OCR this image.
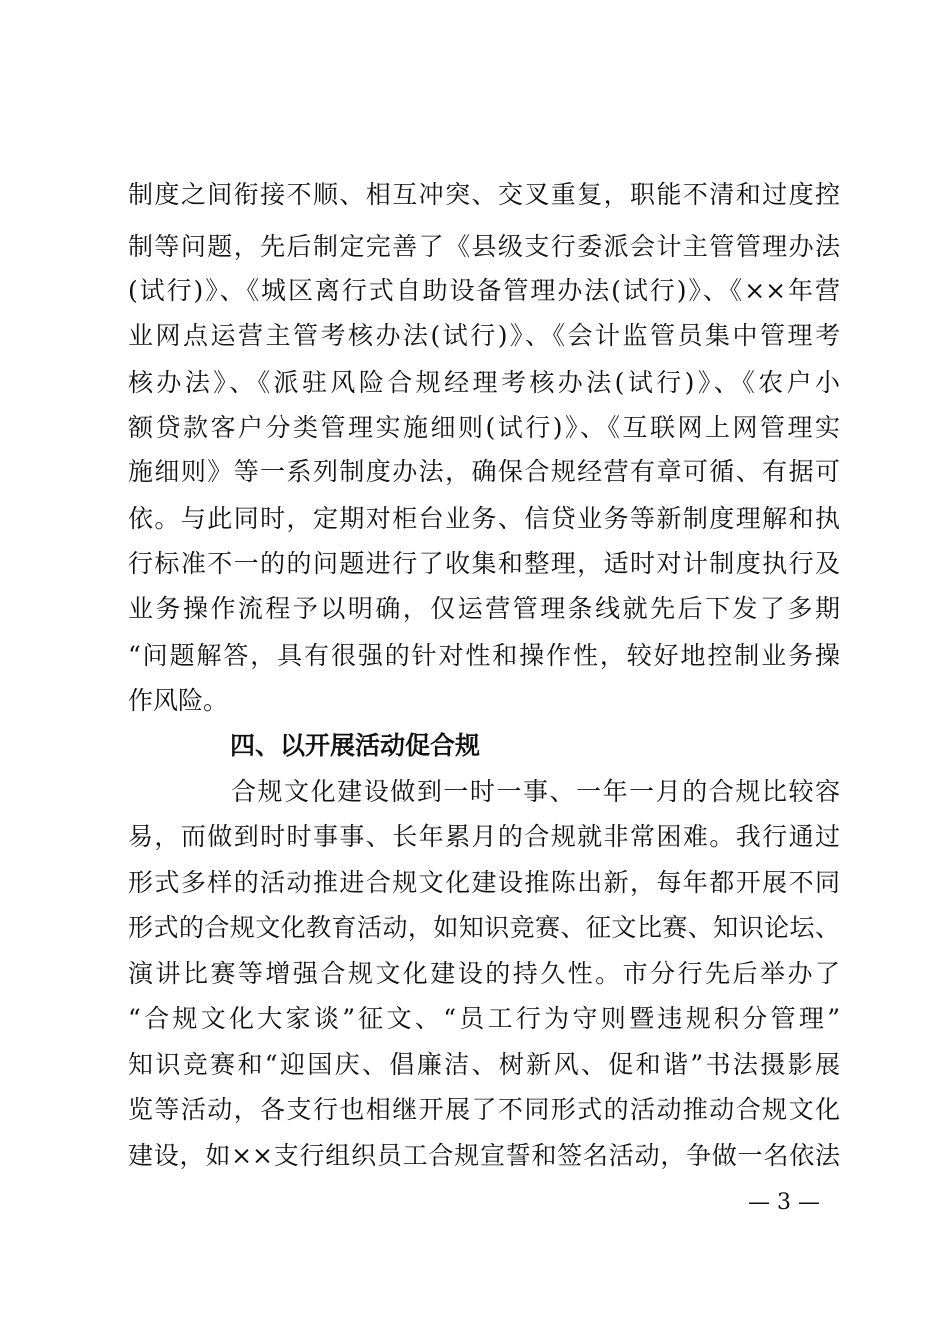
制度之间衔接不顺、相互冲突、交叉重复，职能不清和过度控
制等问题，先后制定完善了《县级支行委派会计主管管理办法
(试行)》、《城区离行式自助设备管理办法(试行)》、《××年营
业网点运营主管考核办法(试行)》、《会计监管员集中管理考
核办法》、《派驻风险合规经理考核办法(试行)》、《农户小
额贷款客户分类管理实施细则(试行)》、《互联网上网管理实
施细则》等一系列制度办法，确保合规经营有章可循、有据可
依。与此同时，定期对柜台业务、信贷业务等新制度理解和执
行标准不一的的问题进行了收集和整理，适时对计制度执行及
业务操作流程予以明确，仅运营管理条线就先后下发了多期
“问题解答，具有很强的针对性和操作性，较好地控制业务操
作风险。
四、以开展活动促合规
合规文化建设做到一时一事、一年一月的合规比较容
易，而做到时时事事、长年累月的合规就非常困难。我行通过
形式多样的活动推进合规文化建设推陈出新，每年都开展不同
形式的合规文化教育活动，如知识竞赛、征文比赛、知识论坛、
演讲比赛等增强合规文化建设的持久性。市分行先后举办了
“合规文化大家谈”征文、“员工行为守则暨违规积分管理”
知识竞赛和“迎国庆、倡廉洁、树新风、促和谐”书法摄影展
览等活动，各支行也相继开展了不同形式的活动推动合规文化
建设，如××支行组织员工合规宣誓和签名活动，争做一名依法
— 3 —
